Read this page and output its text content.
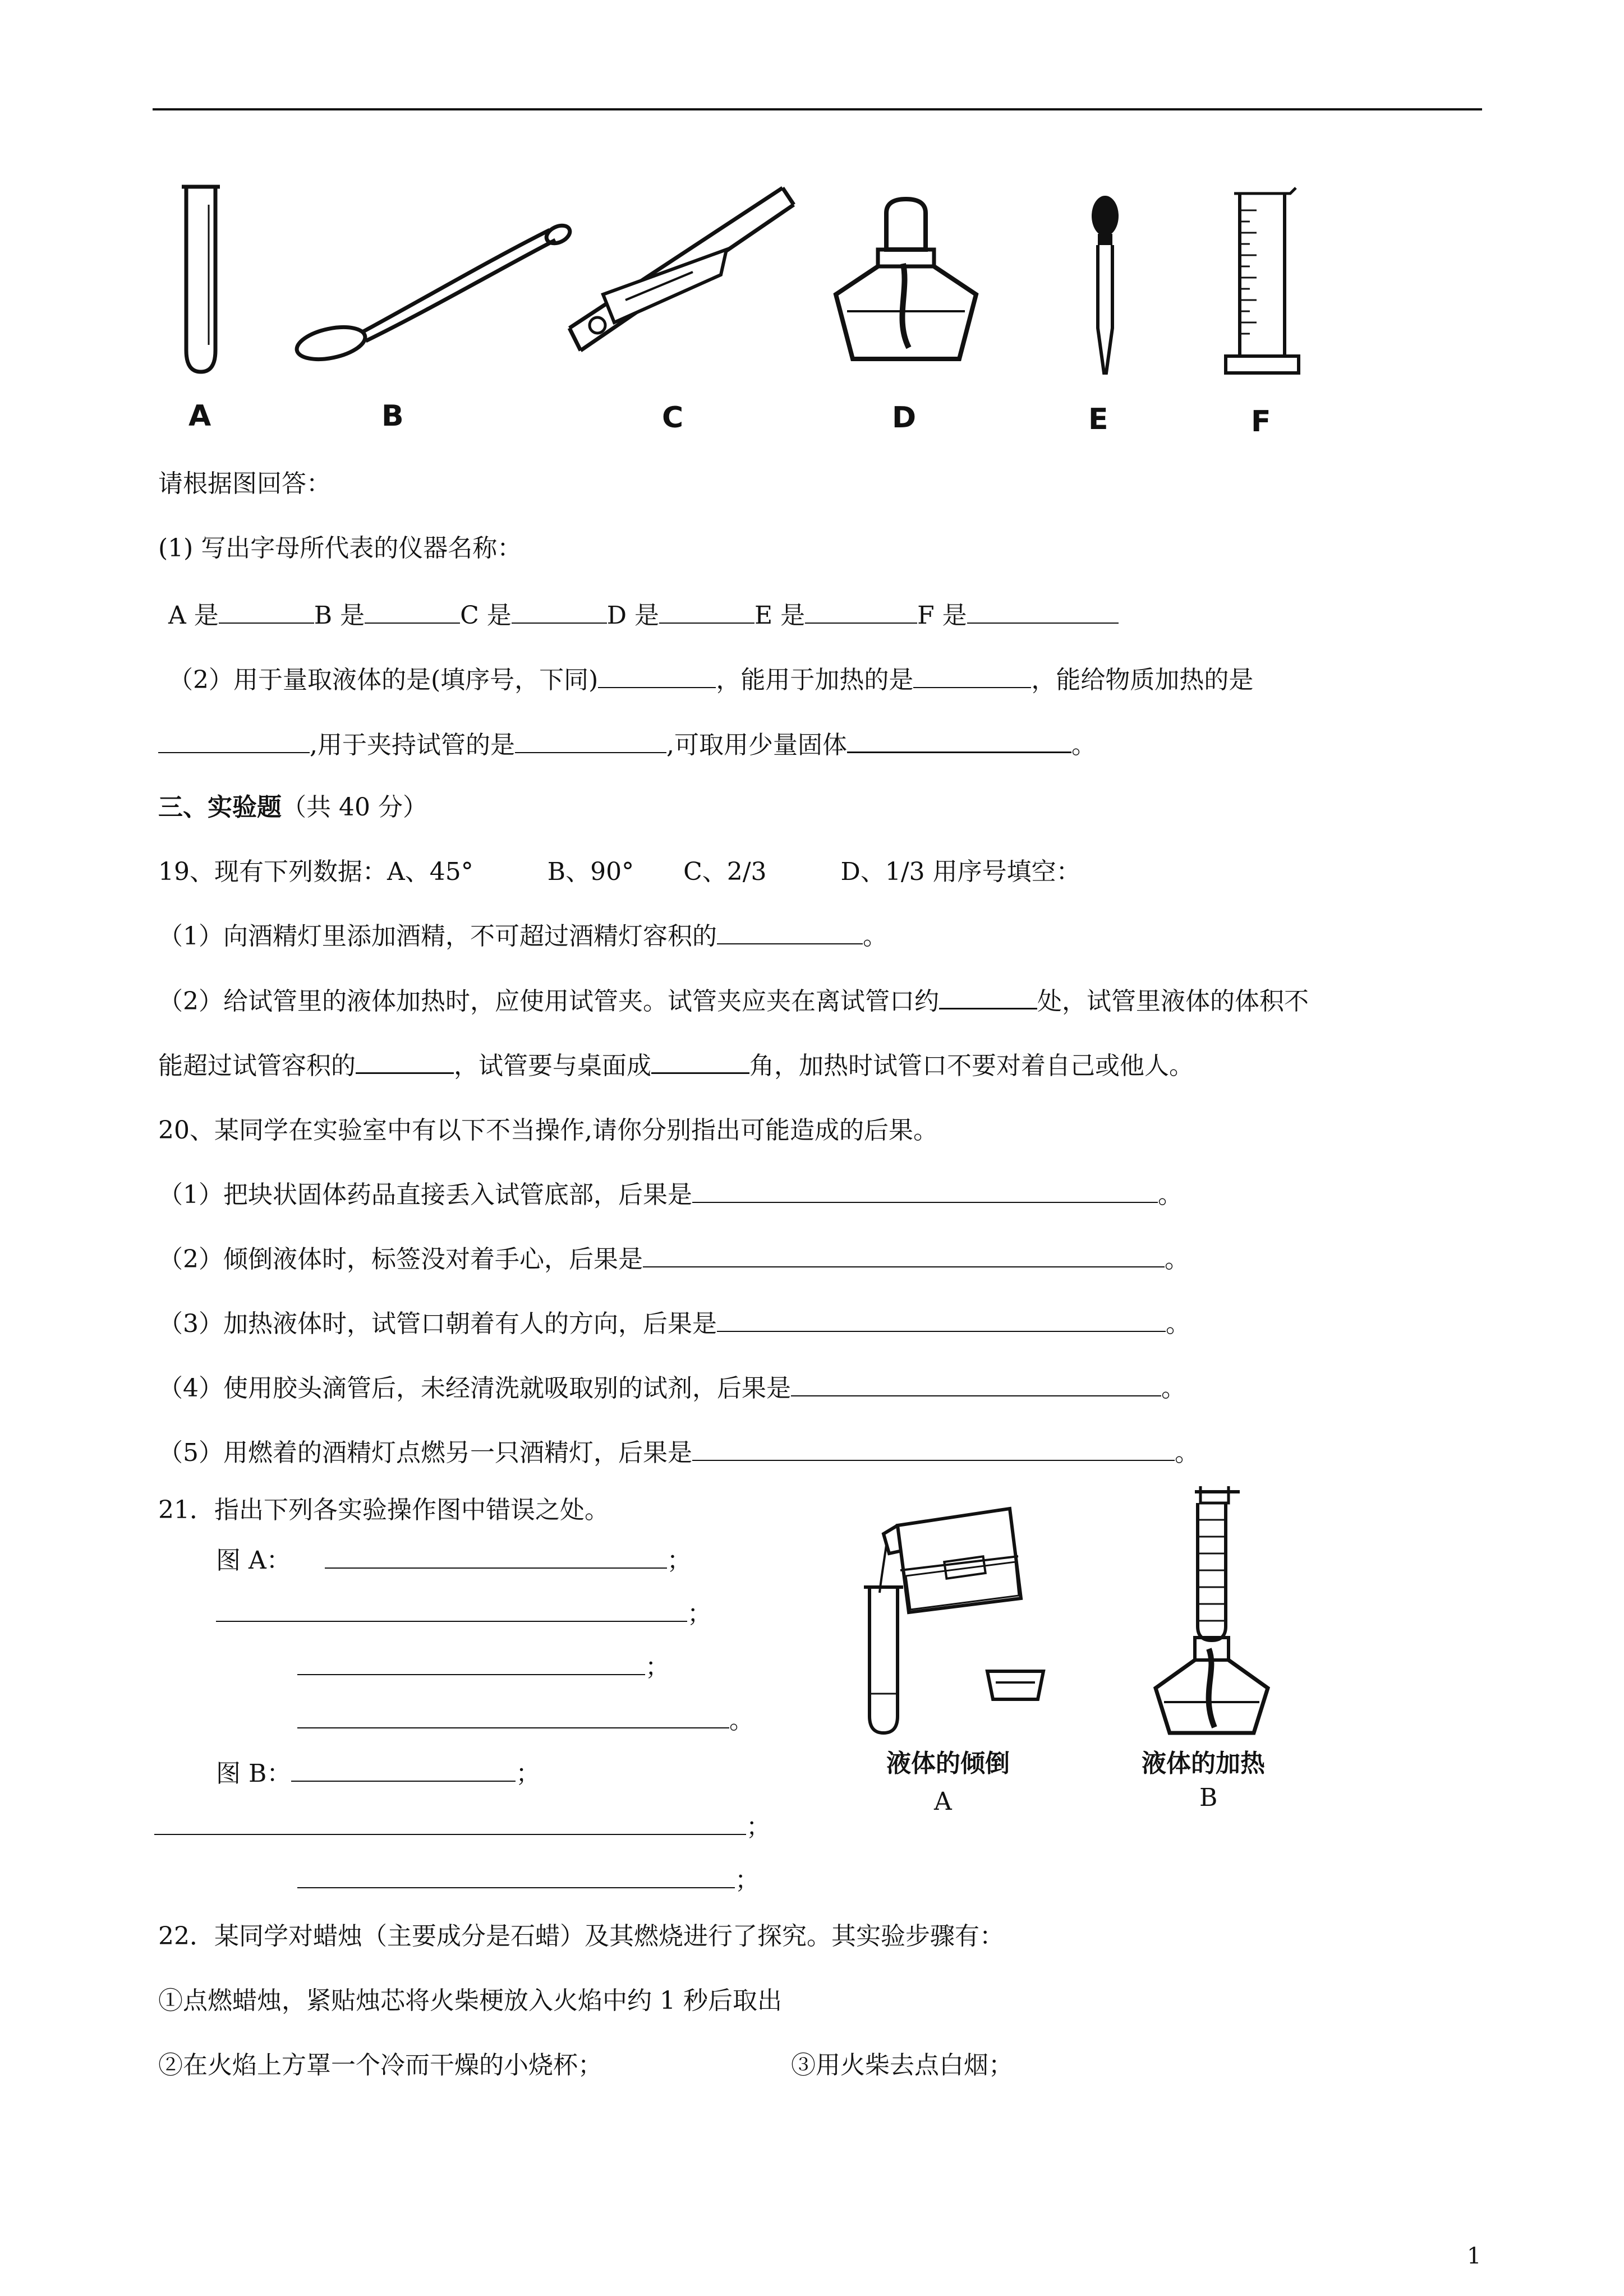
A	B	C	D	E	F
请根据图回答：
(1) 写出字母所代表的仪器名称：
A 是	B 是	C 是	D 是	E 是	F 是
（2）用于量取液体的是(填序号，下同)	，能用于加热的是	，能给物质加热的是
,用于夹持试管的是	,可取用少量固体	。
三、实验题（共 40 分）
19、现有下列数据：A、45°　　　B、90°　　C、2/3　　　D、1/3 用序号填空：
（1）向酒精灯里添加酒精，不可超过酒精灯容积的	。
（2）给试管里的液体加热时，应使用试管夹。试管夹应夹在离试管口约	处，试管里液体的体积不
能超过试管容积的	，试管要与桌面成	角，加热时试管口不要对着自己或他人。
20、某同学在实验室中有以下不当操作,请你分别指出可能造成的后果。
（1）把块状固体药品直接丢入试管底部，后果是	。
（2）倾倒液体时，标签没对着手心，后果是	。
（3）加热液体时，试管口朝着有人的方向，后果是	。
（4）使用胶头滴管后，未经清洗就吸取别的试剂，后果是	。
（5）用燃着的酒精灯点燃另一只酒精灯，后果是	。
21．指出下列各实验操作图中错误之处。
图 A：	；
；
；
。
图 B：	；
；
；
液体的倾倒
A
液体的加热
B
22．某同学对蜡烛（主要成分是石蜡）及其燃烧进行了探究。其实验步骤有：
①点燃蜡烛，紧贴烛芯将火柴梗放入火焰中约 1 秒后取出
②在火焰上方罩一个冷而干燥的小烧杯；	③用火柴去点白烟；
1
